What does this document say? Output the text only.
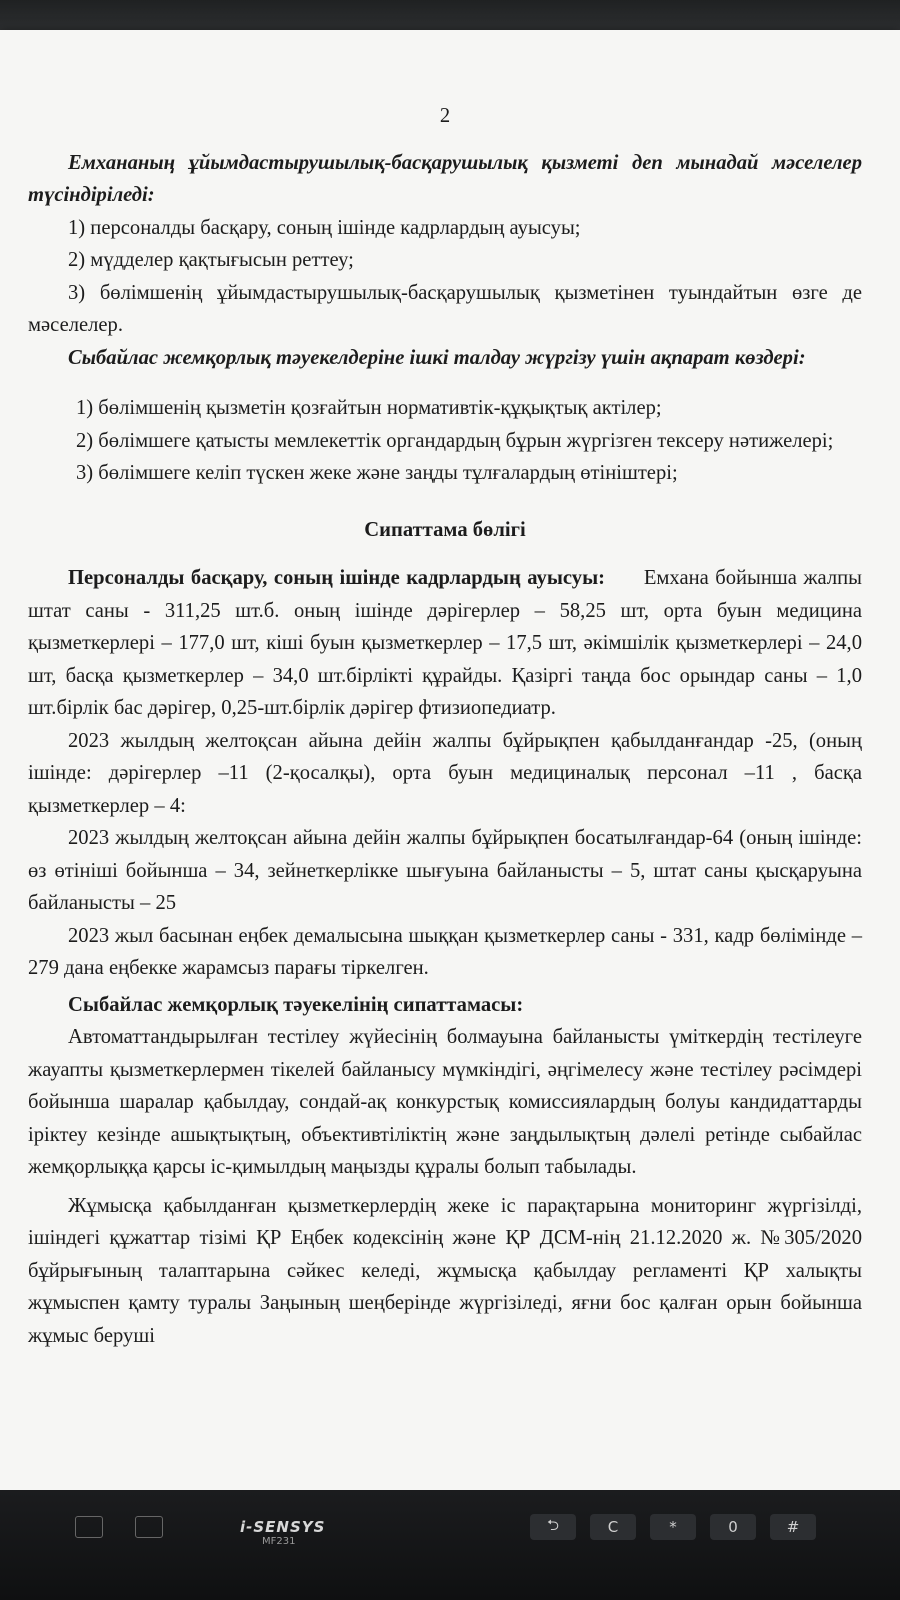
2

Емхананың ұйымдастырушылық-басқарушылық қызметі деп мынадай мәселелер түсіндіріледі:

1) персоналды басқару, соның ішінде кадрлардың ауысуы;

2) мүдделер қақтығысын реттеу;

3) бөлімшенің ұйымдастырушылық-басқарушылық қызметінен туындайтын өзге де мәселелер.

Сыбайлас жемқорлық тәуекелдеріне ішкі талдау жүргізу үшін ақпарат көздері:

1) бөлімшенің қызметін қозғайтын нормативтік-құқықтық актілер;

2) бөлімшеге қатысты мемлекеттік органдардың бұрын жүргізген тексеру нәтижелері;

3) бөлімшеге келіп түскен жеке және заңды тұлғалардың өтініштері;

Сипаттама бөлігі

Персоналды басқару, соның ішінде кадрлардың ауысуы: Емхана бойынша жалпы штат саны - 311,25 шт.б. оның ішінде дәрігерлер – 58,25 шт, орта буын медицина қызметкерлері – 177,0 шт, кіші буын қызметкерлер – 17,5 шт, әкімшілік қызметкерлері – 24,0 шт, басқа қызметкерлер – 34,0 шт.бірлікті құрайды. Қазіргі таңда бос орындар саны – 1,0 шт.бірлік бас дәрігер, 0,25-шт.бірлік дәрігер фтизиопедиатр.

2023 жылдың желтоқсан айына дейін жалпы бұйрықпен қабылданғандар -25, (оның ішінде: дәрігерлер –11 (2-қосалқы), орта буын медициналық персонал –11 , басқа қызметкерлер – 4:

2023 жылдың желтоқсан айына дейін жалпы бұйрықпен босатылғандар-64 (оның ішінде: өз өтініші бойынша – 34, зейнеткерлікке шығуына байланысты – 5, штат саны қысқаруына байланысты – 25

2023 жыл басынан еңбек демалысына шыққан қызметкерлер саны - 331, кадр бөлімінде – 279 дана еңбекке жарамсыз парағы тіркелген.

Сыбайлас жемқорлық тәуекелінің сипаттамасы:

Автоматтандырылған тестілеу жүйесінің болмауына байланысты үміткердің тестілеуге жауапты қызметкерлермен тікелей байланысу мүмкіндігі, әңгімелесу және тестілеу рәсімдері бойынша шаралар қабылдау, сондай-ақ конкурстық комиссиялардың болуы кандидаттарды іріктеу кезінде ашықтықтың, объективтіліктің және заңдылықтың дәлелі ретінде сыбайлас жемқорлыққа қарсы іс-қимылдың маңызды құралы болып табылады.

Жұмысқа қабылданған қызметкерлердің жеке іс парақтарына мониторинг жүргізілді, ішіндегі құжаттар тізімі ҚР Еңбек кодексінің және ҚР ДСМ-нің 21.12.2020 ж. №305/2020 бұйрығының талаптарына сәйкес келеді, жұмысқа қабылдау регламенті ҚР халықты жұмыспен қамту туралы Заңының шеңберінде жүргізіледі, яғни бос қалған орын бойынша жұмыс беруші

i-SENSYS
MF231
⮌	C	*	0	#
